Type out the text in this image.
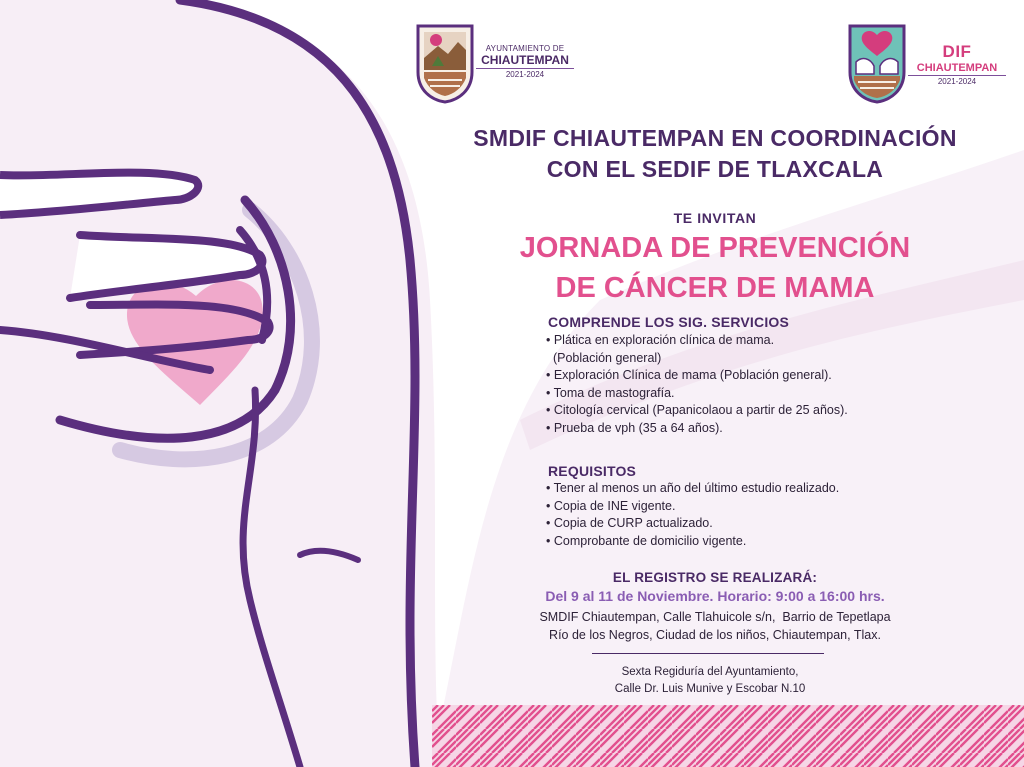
AYUNTAMIENTO DE
CHIAUTEMPAN
2021-2024
DIF
CHIAUTEMPAN
2021-2024
SMDIF CHIAUTEMPAN EN COORDINACIÓN
CON EL SEDIF DE TLAXCALA
TE INVITAN
JORNADA DE PREVENCIÓN
DE CÁNCER DE MAMA
COMPRENDE LOS SIG. SERVICIOS
• Plática en exploración clínica de mama.
(Población general)
• Exploración Clínica de mama (Población general).
• Toma de mastografía.
• Citología cervical (Papanicolaou a partir de 25 años).
• Prueba de vph (35 a 64 años).
REQUISITOS
• Tener al menos un año del último estudio realizado.
• Copia de INE vigente.
• Copia de CURP actualizado.
• Comprobante de domicilio vigente.
EL REGISTRO SE REALIZARÁ:
Del 9 al 11 de Noviembre. Horario: 9:00 a 16:00 hrs.
SMDIF Chiautempan, Calle Tlahuicole s/n,  Barrio de Tepetlapa
Río de los Negros, Ciudad de los niños, Chiautempan, Tlax.
Sexta Regiduría del Ayuntamiento,
Calle Dr. Luis Munive y Escobar N.10
